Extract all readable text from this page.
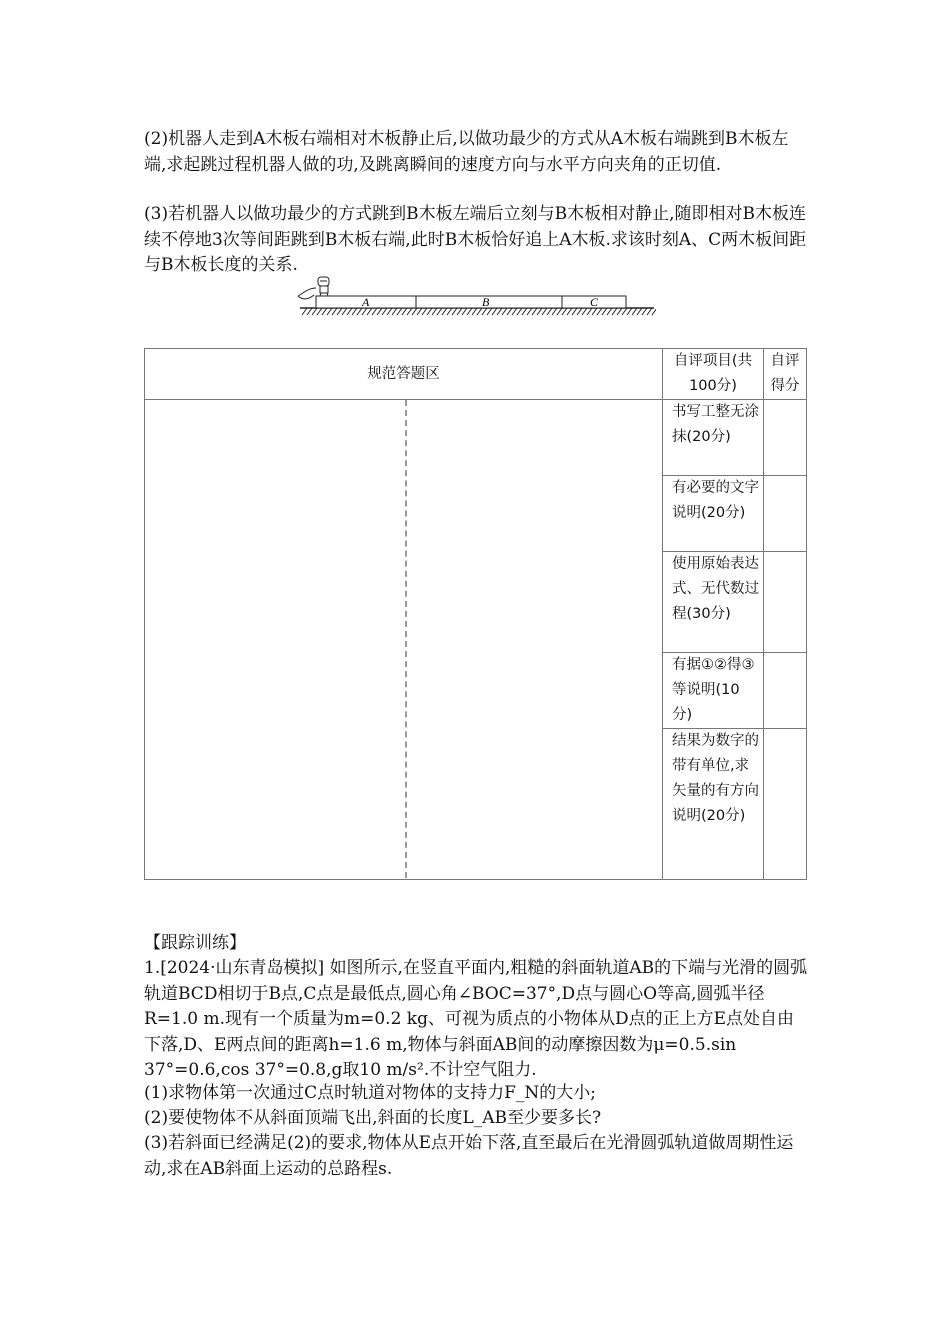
(2)机器人走到A木板右端相对木板静止后,以做功最少的方式从A木板右端跳到B木板左端,求起跳过程机器人做的功,及跳离瞬间的速度方向与水平方向夹角的正切值.

(3)若机器人以做功最少的方式跳到B木板左端后立刻与B木板相对静止,随即相对B木板连续不停地3次等间距跳到B木板右端,此时B木板恰好追上A木板.求该时刻A、C两木板间距与B木板长度的关系.

A	B	C
规范答题区	自评项目(共100分)	自评得分

	书写工整无涂抹(20分)	
	有必要的文字说明(20分)	
	使用原始表达式、无代数过程(30分)	
	有据①②得③等说明(10分)	
	结果为数字的带有单位,求矢量的有方向说明(20分)	

【跟踪训练】

1.[2024·山东青岛模拟] 如图所示,在竖直平面内,粗糙的斜面轨道AB的下端与光滑的圆弧轨道BCD相切于B点,C点是最低点,圆心角∠BOC=37°,D点与圆心O等高,圆弧半径R=1.0 m.现有一个质量为m=0.2 kg、可视为质点的小物体从D点的正上方E点处自由下落,D、E两点间的距离h=1.6 m,物体与斜面AB间的动摩擦因数为μ=0.5.sin 37°=0.6,cos 37°=0.8,g取10 m/s².不计空气阻力.

(1)求物体第一次通过C点时轨道对物体的支持力F_N的大小;

(2)要使物体不从斜面顶端飞出,斜面的长度L_AB至少要多长?

(3)若斜面已经满足(2)的要求,物体从E点开始下落,直至最后在光滑圆弧轨道做周期性运动,求在AB斜面上运动的总路程s.
